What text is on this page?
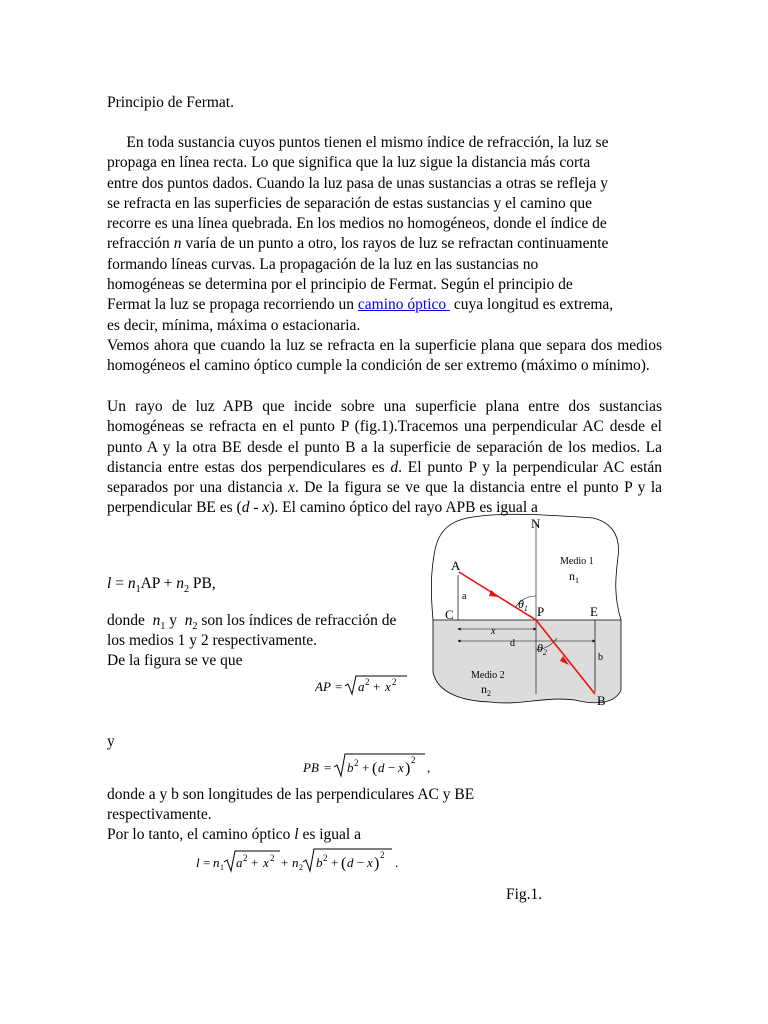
Principio de Fermat.
En toda sustancia cuyos puntos tienen el mismo índice de refracción, la luz se
propaga en línea recta. Lo que significa que la luz sigue la distancia más corta
entre dos puntos dados. Cuando la luz pasa de unas sustancias a otras se refleja y
se refracta en las superficies de separación de estas sustancias y el camino que
recorre es una línea quebrada. En los medios no homogéneos, donde el índice de
refracción n varía de un punto a otro, los rayos de luz se refractan continuamente
formando líneas curvas. La propagación de la luz en las sustancias no
homogéneas se determina por el principio de Fermat. Según el principio de
Fermat la luz se propaga recorriendo un camino óptico  cuya longitud es extrema,
es decir, mínima, máxima o estacionaria.
Vemos ahora que cuando la luz se refracta en la superficie plana que separa dos medios homogéneos el camino óptico cumple la condición de ser extremo (máximo o mínimo).
Un rayo de luz APB que incide sobre una superficie plana entre dos sustancias homogéneas se refracta en el punto P (fig.1).Tracemos una perpendicular AC desde el punto A y la otra BE desde el punto B a la superficie de separación de los medios. La distancia entre estas dos perpendiculares es d. El punto P y la perpendicular AC están separados por una distancia x. De la figura se ve que la distancia entre el punto P y la perpendicular BE es (d - x). El camino óptico del rayo APB es igual a
$l = n_1AP + n_2$ PB,
donde  $n_1$ y  $n_2$ son los índices de refracción de
los medios 1 y 2 respectivamente.
De la figura se ve que
AP = a 2 + x 2
y
PB = b 2 + ( d − x ) 2 ,
donde a y b son longitudes de las perpendiculares AC y BE
respectivamente.
Por lo tanto, el camino óptico l es igual a
l = n 1 a 2 + x 2 + n 2 b 2 + ( d − x ) 2 .
Fig.1.
N
A
C	P	E
B
a
b
x
d
Medio 1
$n_1$
Medio 2
$n_2$
$\theta_1$
$\theta_2$
